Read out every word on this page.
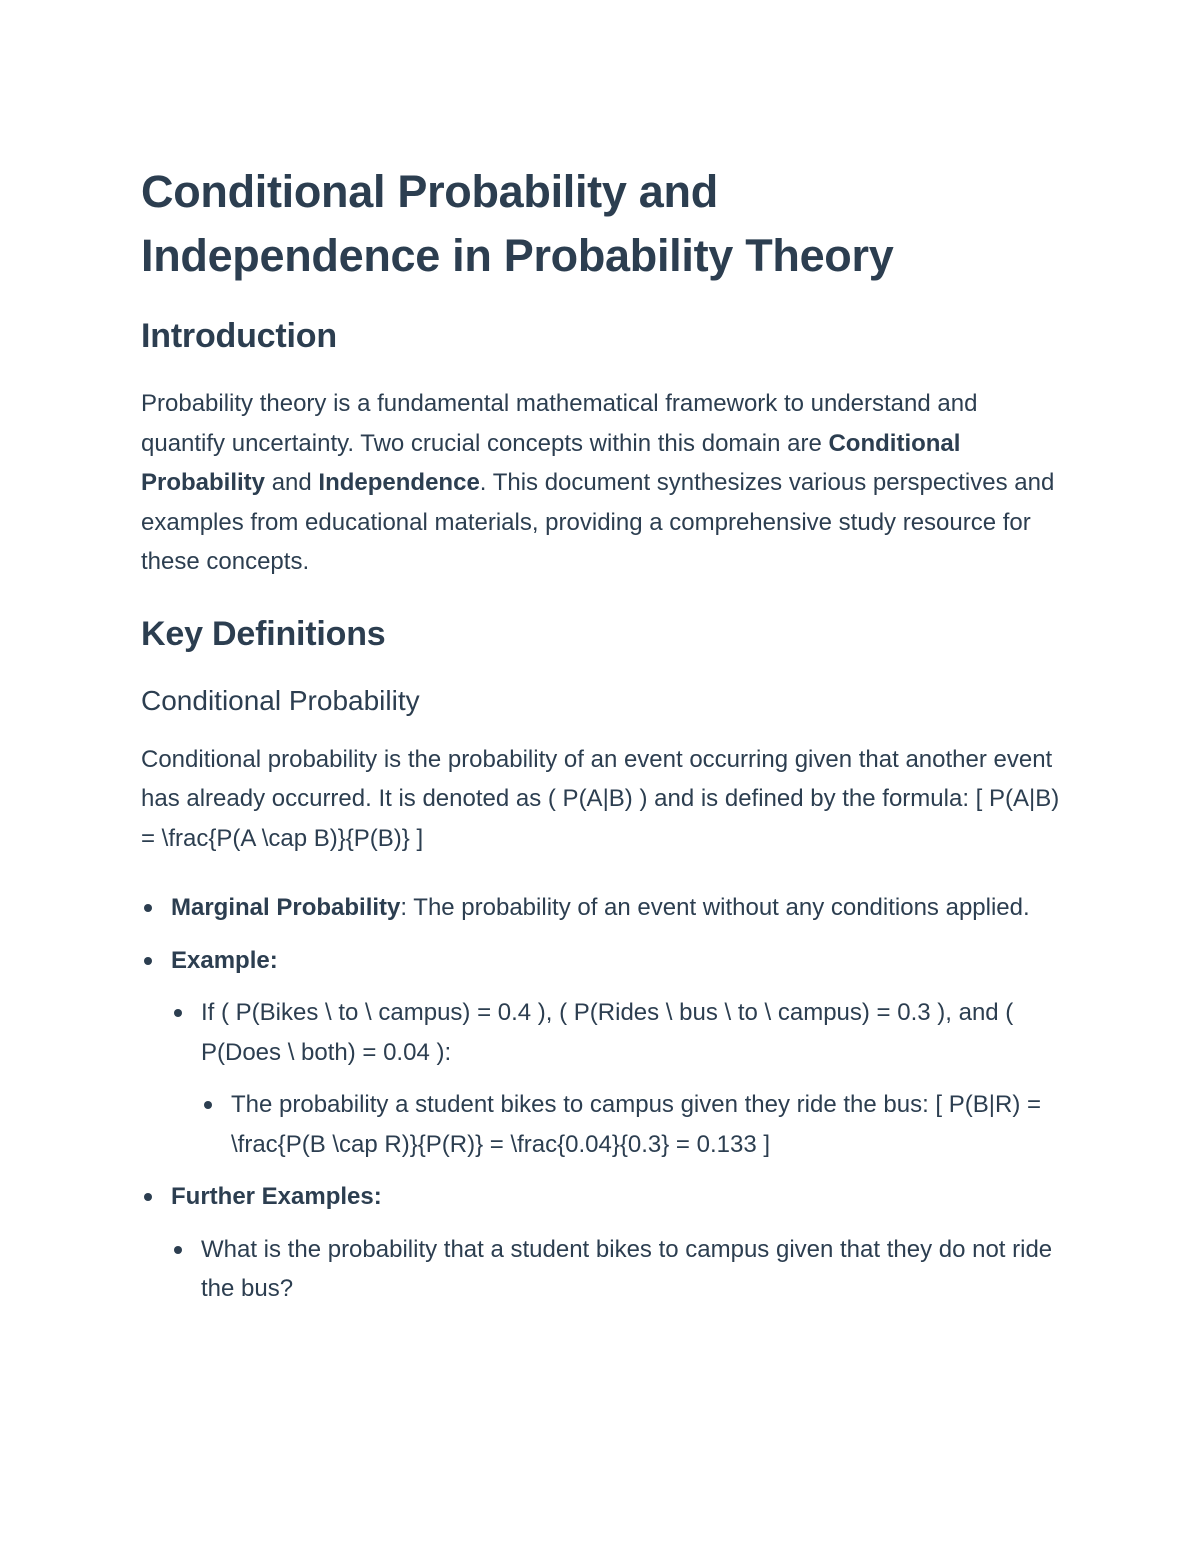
Conditional Probability and
Independence in Probability Theory
Introduction

Probability theory is a fundamental mathematical framework to understand and quantify uncertainty. Two crucial concepts within this domain are Conditional Probability and Independence. This document synthesizes various perspectives and examples from educational materials, providing a comprehensive study resource for these concepts.

Key Definitions
Conditional Probability

Conditional probability is the probability of an event occurring given that another event has already occurred. It is denoted as ( P(A|B) ) and is defined by the formula: [ P(A|B) = \frac{P(A \cap B)}{P(B)} ]

Marginal Probability: The probability of an event without any conditions applied.
Example:
If ( P(Bikes \ to \ campus) = 0.4 ), ( P(Rides \ bus \ to \ campus) = 0.3 ), and ( P(Does \ both) = 0.04 ):
The probability a student bikes to campus given they ride the bus: [ P(B|R) = \frac{P(B \cap R)}{P(R)} = \frac{0.04}{0.3} = 0.133 ]
Further Examples:
What is the probability that a student bikes to campus given that they do not ride the bus?
